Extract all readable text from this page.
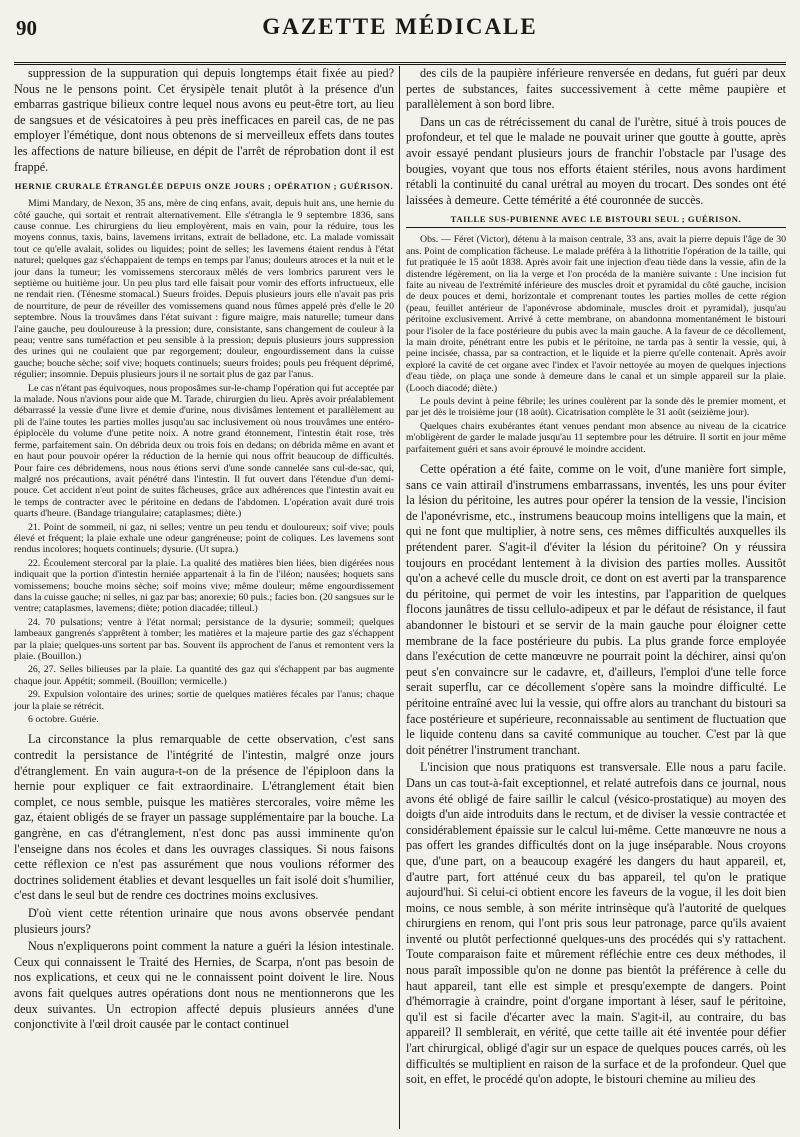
90	GAZETTE MÉDICALE

suppression de la suppuration qui depuis longtemps était fixée au pied? Nous ne le pensons point. Cet érysipèle tenait plutôt à la présence d'un embarras gastrique bilieux contre lequel nous avons eu peut-être tort, au lieu de sangsues et de vésicatoires à peu près inefficaces en pareil cas, de ne pas employer l'émétique, dont nous obtenons de si merveilleux effets dans toutes les affections de nature bilieuse, en dépit de l'arrêt de réprobation dont il est frappé.

HERNIE CRURALE ÉTRANGLÉE DEPUIS ONZE JOURS ; OPÉRATION ; GUÉRISON.

Mimi Mandary, de Nexon, 35 ans, mère de cinq enfans, avait, depuis huit ans, une hernie du côté gauche, qui sortait et rentrait alternativement. Elle s'étrangla le 9 septembre 1836, sans cause connue. Les chirurgiens du lieu employèrent, mais en vain, pour la réduire, tous les moyens connus, taxis, bains, lavemens irritans, extrait de belladone, etc. La malade vomissait tout ce qu'elle avalait, solides ou liquides; point de selles; les lavemens étaient rendus à l'état naturel; quelques gaz s'échappaient de temps en temps par l'anus; douleurs atroces et la nuit et le jour dans la tumeur; les vomissemens stercoraux mêlés de vers lombrics parurent vers le septième ou huitième jour. Un peu plus tard elle faisait pour vomir des efforts infructueux, elle ne rendait rien. (Ténesme stomacal.) Sueurs froides. Depuis plusieurs jours elle n'avait pas pris de nourriture, de peur de réveiller des vomissemens quand nous fûmes appelé près d'elle le 20 septembre. Nous la trouvâmes dans l'état suivant : figure maigre, mais naturelle; tumeur dans l'aine gauche, peu douloureuse à la pression; dure, consistante, sans changement de couleur à la peau; ventre sans tuméfaction et peu sensible à la pression; depuis plusieurs jours suppression des urines qui ne coulaient que par regorgement; douleur, engourdissement dans la cuisse gauche; bouche sèche; soif vive; hoquets continuels; sueurs froides; pouls peu fréquent déprimé, régulier; insomnie. Depuis plusieurs jours il ne sortait plus de gaz par l'anus.

Le cas n'étant pas équivoques, nous proposâmes sur-le-champ l'opération qui fut acceptée par la malade. Nous n'avions pour aide que M. Tarade, chirurgien du lieu. Après avoir préalablement débarrassé la vessie d'une livre et demie d'urine, nous divisâmes lentement et parallèlement au pli de l'aine toutes les parties molles jusqu'au sac inclusivement où nous trouvâmes une entéro-épiplocèle du volume d'une petite noix. A notre grand étonnement, l'intestin était rose, très ferme, parfaitement sain. On débrida deux ou trois fois en dedans; on débrida même en avant et en haut pour pouvoir opérer la réduction de la hernie qui nous offrit beaucoup de difficultés. Pour faire ces débridemens, nous nous étions servi d'une sonde cannelée sans cul-de-sac, qui, malgré nos précautions, avait pénétré dans l'intestin. Il fut ouvert dans l'étendue d'un demi-pouce. Cet accident n'eut point de suites fâcheuses, grâce aux adhérences que l'intestin avait eu le temps de contracter avec le péritoine en dedans de l'abdomen. L'opération avait duré trois quarts d'heure. (Bandage triangulaire; cataplasmes; diète.)

21. Point de sommeil, ni gaz, ni selles; ventre un peu tendu et douloureux; soif vive; pouls élevé et fréquent; la plaie exhale une odeur gangréneuse; point de coliques. Les lavemens sont rendus incolores; hoquets continuels; dysurie. (Ut supra.)

22. Écoulement stercoral par la plaie. La qualité des matières bien liées, bien digérées nous indiquait que la portion d'intestin herniée appartenait à la fin de l'iléon; nausées; hoquets sans vomissemens; bouche moins sèche; soif moins vive; même douleur; même engourdissement dans la cuisse gauche; ni selles, ni gaz par bas; anorexie; 60 puls.; facies bon. (20 sangsues sur le ventre; cataplasmes, lavemens; diète; potion diacadée; tilleul.)

24. 70 pulsations; ventre à l'état normal; persistance de la dysurie; sommeil; quelques lambeaux gangrenés s'apprêtent à tomber; les matières et la majeure partie des gaz s'échappent par la plaie; quelques-uns sortent par bas. Souvent ils approchent de l'anus et remontent vers la plaie. (Bouillon.)

26, 27. Selles bilieuses par la plaie. La quantité des gaz qui s'échappent par bas augmente chaque jour. Appétit; sommeil. (Bouillon; vermicelle.)

29. Expulsion volontaire des urines; sortie de quelques matières fécales par l'anus; chaque jour la plaie se rétrécit.

6 octobre. Guérie.

La circonstance la plus remarquable de cette observation, c'est sans contredit la persistance de l'intégrité de l'intestin, malgré onze jours d'étranglement. En vain augura-t-on de la présence de l'épiploon dans la hernie pour expliquer ce fait extraordinaire. L'étranglement était bien complet, ce nous semble, puisque les matières stercorales, voire même les gaz, étaient obligés de se frayer un passage supplémentaire par la bouche. La gangrène, en cas d'étranglement, n'est donc pas aussi imminente qu'on l'enseigne dans nos écoles et dans les ouvrages classiques. Si nous faisons cette réflexion ce n'est pas assurément que nous voulions réformer des doctrines solidement établies et devant lesquelles un fait isolé doit s'humilier, c'est dans le seul but de rendre ces doctrines moins exclusives.

D'où vient cette rétention urinaire que nous avons observée pendant plusieurs jours?

Nous n'expliquerons point comment la nature a guéri la lésion intestinale. Ceux qui connaissent le Traité des Hernies, de Scarpa, n'ont pas besoin de nos explications, et ceux qui ne le connaissent point doivent le lire. Nous avons fait quelques autres opérations dont nous ne mentionnerons que les deux suivantes. Un ectropion affecté depuis plusieurs années d'une conjonctivite à l'œil droit causée par le contact continuel

des cils de la paupière inférieure renversée en dedans, fut guéri par deux pertes de substances, faites successivement à cette même paupière et parallèlement à son bord libre.

Dans un cas de rétrécissement du canal de l'urètre, situé à trois pouces de profondeur, et tel que le malade ne pouvait uriner que goutte à goutte, après avoir essayé pendant plusieurs jours de franchir l'obstacle par l'usage des bougies, voyant que tous nos efforts étaient stériles, nous avons hardiment rétabli la continuité du canal urétral au moyen du trocart. Des sondes ont été laissées à demeure. Cette témérité a été couronnée de succès.

TAILLE SUS-PUBIENNE AVEC LE BISTOURI SEUL ; GUÉRISON.

Obs. — Féret (Victor), détenu à la maison centrale, 33 ans, avait la pierre depuis l'âge de 30 ans. Point de complication fâcheuse. Le malade préféra à la lithotritie l'opération de la taille, qui fut pratiquée le 15 août 1838. Après avoir fait une injection d'eau tiède dans la vessie, afin de la distendre légèrement, on lia la verge et l'on procéda de la manière suivante : Une incision fut faite au niveau de l'extrémité inférieure des muscles droit et pyramidal du côté gauche, incision de deux pouces et demi, horizontale et comprenant toutes les parties molles de cette région (peau, feuillet antérieur de l'aponévrose abdominale, muscles droit et pyramidal), jusqu'au péritoine exclusivement. Arrivé à cette membrane, on abandonna momentanément le bistouri pour l'isoler de la face postérieure du pubis avec la main gauche. A la faveur de ce décollement, la main droite, pénétrant entre les pubis et le péritoine, ne tarda pas à sentir la vessie, qui, à peine incisée, chassa, par sa contraction, et le liquide et la pierre qu'elle contenait. Après avoir exploré la cavité de cet organe avec l'index et l'avoir nettoyée au moyen de quelques injections d'eau tiède, on plaça une sonde à demeure dans le canal et un simple appareil sur la plaie. (Looch diacodé; diète.)

Le pouls devint à peine fébrile; les urines coulèrent par la sonde dès le premier moment, et par jet dès le troisième jour (18 août). Cicatrisation complète le 31 août (seizième jour).

Quelques chairs exubérantes étant venues pendant mon absence au niveau de la cicatrice m'obligèrent de garder le malade jusqu'au 11 septembre pour les détruire. Il sortit en jour même parfaitement guéri et sans avoir éprouvé le moindre accident.

Cette opération a été faite, comme on le voit, d'une manière fort simple, sans ce vain attirail d'instrumens embarrassans, inventés, les uns pour éviter la lésion du péritoine, les autres pour opérer la tension de la vessie, l'incision de l'aponévrisme, etc., instrumens beaucoup moins intelligens que la main, et qui ne font que multiplier, à notre sens, ces mêmes difficultés auxquelles ils prétendent parer. S'agit-il d'éviter la lésion du péritoine? On y réussira toujours en procédant lentement à la division des parties molles. Aussitôt qu'on a achevé celle du muscle droit, ce dont on est averti par la transparence du péritoine, qui permet de voir les intestins, par l'apparition de quelques flocons jaunâtres de tissu cellulo-adipeux et par le défaut de résistance, il faut abandonner le bistouri et se servir de la main gauche pour éloigner cette membrane de la face postérieure du pubis. La plus grande force employée dans l'exécution de cette manœuvre ne pourrait point la déchirer, ainsi qu'on peut s'en convaincre sur le cadavre, et, d'ailleurs, l'emploi d'une telle force serait superflu, car ce décollement s'opère sans la moindre difficulté. Le péritoine entraîné avec lui la vessie, qui offre alors au tranchant du bistouri sa face postérieure et supérieure, reconnaissable au sentiment de fluctuation que le liquide contenu dans sa cavité communique au toucher. C'est par là que doit pénétrer l'instrument tranchant.

L'incision que nous pratiquons est transversale. Elle nous a paru facile. Dans un cas tout-à-fait exceptionnel, et relaté autrefois dans ce journal, nous avons été obligé de faire saillir le calcul (vésico-prostatique) au moyen des doigts d'un aide introduits dans le rectum, et de diviser la vessie contractée et considérablement épaissie sur le calcul lui-même. Cette manœuvre ne nous a pas offert les grandes difficultés dont on la juge inséparable. Nous croyons que, d'une part, on a beaucoup exagéré les dangers du haut appareil, et, d'autre part, fort atténué ceux du bas appareil, tel qu'on le pratique aujourd'hui. Si celui-ci obtient encore les faveurs de la vogue, il les doit bien moins, ce nous semble, à son mérite intrinsèque qu'à l'autorité de quelques chirurgiens en renom, qui l'ont pris sous leur patronage, parce qu'ils avaient inventé ou plutôt perfectionné quelques-uns des procédés qui s'y rattachent. Toute comparaison faite et mûrement réfléchie entre ces deux méthodes, il nous paraît impossible qu'on ne donne pas bientôt la préférence à celle du haut appareil, tant elle est simple et presqu'exempte de dangers. Point d'hémorragie à craindre, point d'organe important à léser, sauf le péritoine, qu'il est si facile d'écarter avec la main. S'agit-il, au contraire, du bas appareil? Il semblerait, en vérité, que cette taille ait été inventée pour défier l'art chirurgical, obligé d'agir sur un espace de quelques pouces carrés, où les difficultés se multiplient en raison de la surface et de la profondeur. Quel que soit, en effet, le procédé qu'on adopte, le bistouri chemine au milieu des
